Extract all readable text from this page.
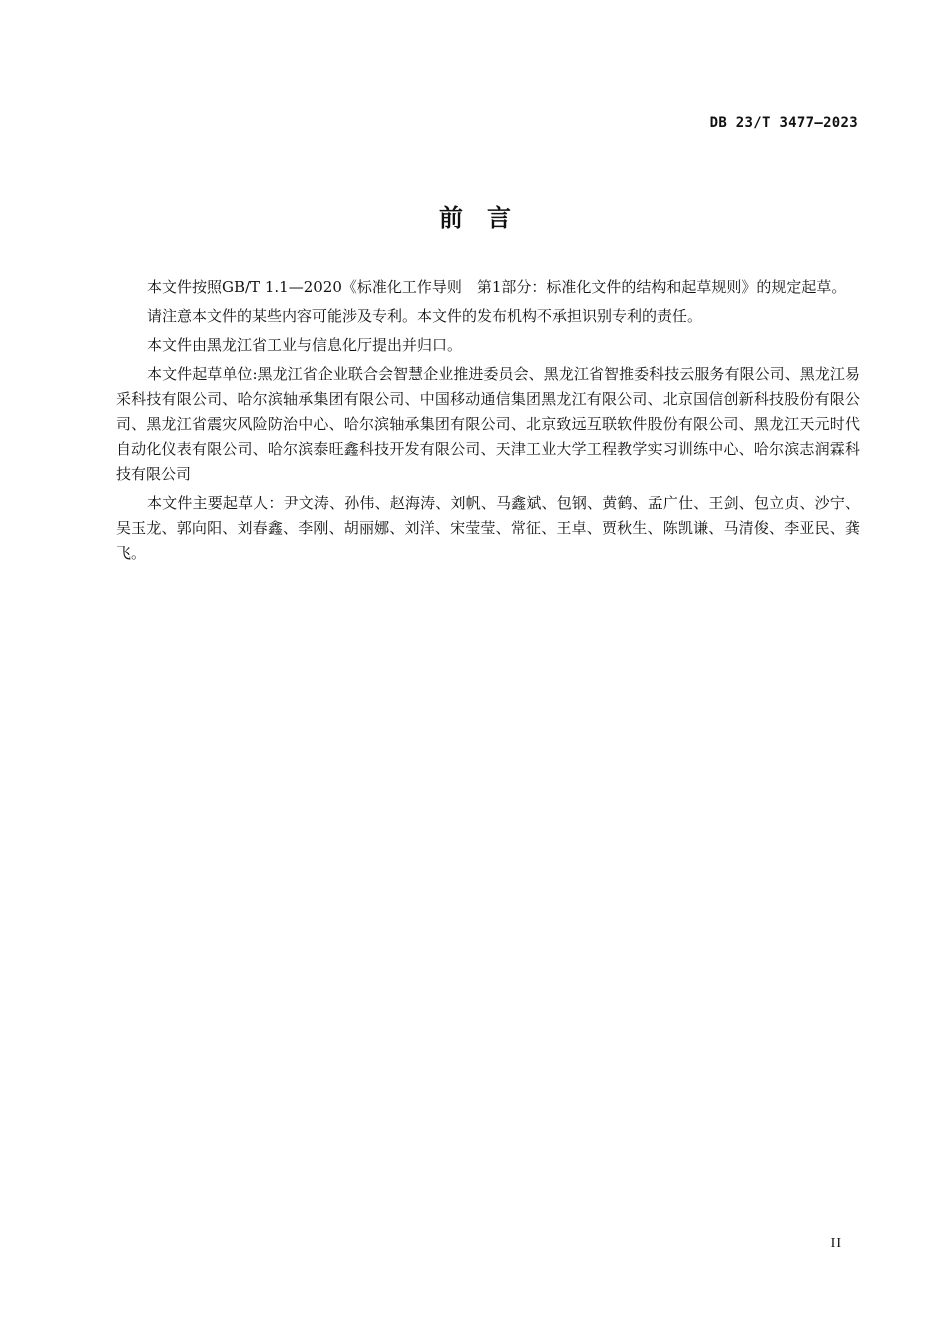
DB 23/T 3477—2023
前言

本文件按照GB/T 1.1—2020《标准化工作导则　第1部分：标准化文件的结构和起草规则》的规定起草。

请注意本文件的某些内容可能涉及专利。本文件的发布机构不承担识别专利的责任。

本文件由黑龙江省工业与信息化厅提出并归口。

本文件起草单位:黑龙江省企业联合会智慧企业推进委员会、黑龙江省智推委科技云服务有限公司、黑龙江易采科技有限公司、哈尔滨轴承集团有限公司、中国移动通信集团黑龙江有限公司、北京国信创新科技股份有限公司、黑龙江省震灾风险防治中心、哈尔滨轴承集团有限公司、北京致远互联软件股份有限公司、黑龙江天元时代自动化仪表有限公司、哈尔滨泰旺鑫科技开发有限公司、天津工业大学工程教学实习训练中心、哈尔滨志润霖科技有限公司

本文件主要起草人：尹文涛、孙伟、赵海涛、刘帆、马鑫斌、包钢、黄鹤、孟广仕、王剑、包立贞、沙宁、吴玉龙、郭向阳、刘春鑫、李刚、胡丽娜、刘洋、宋莹莹、常征、王卓、贾秋生、陈凯谦、马清俊、李亚民、龚飞。

II
